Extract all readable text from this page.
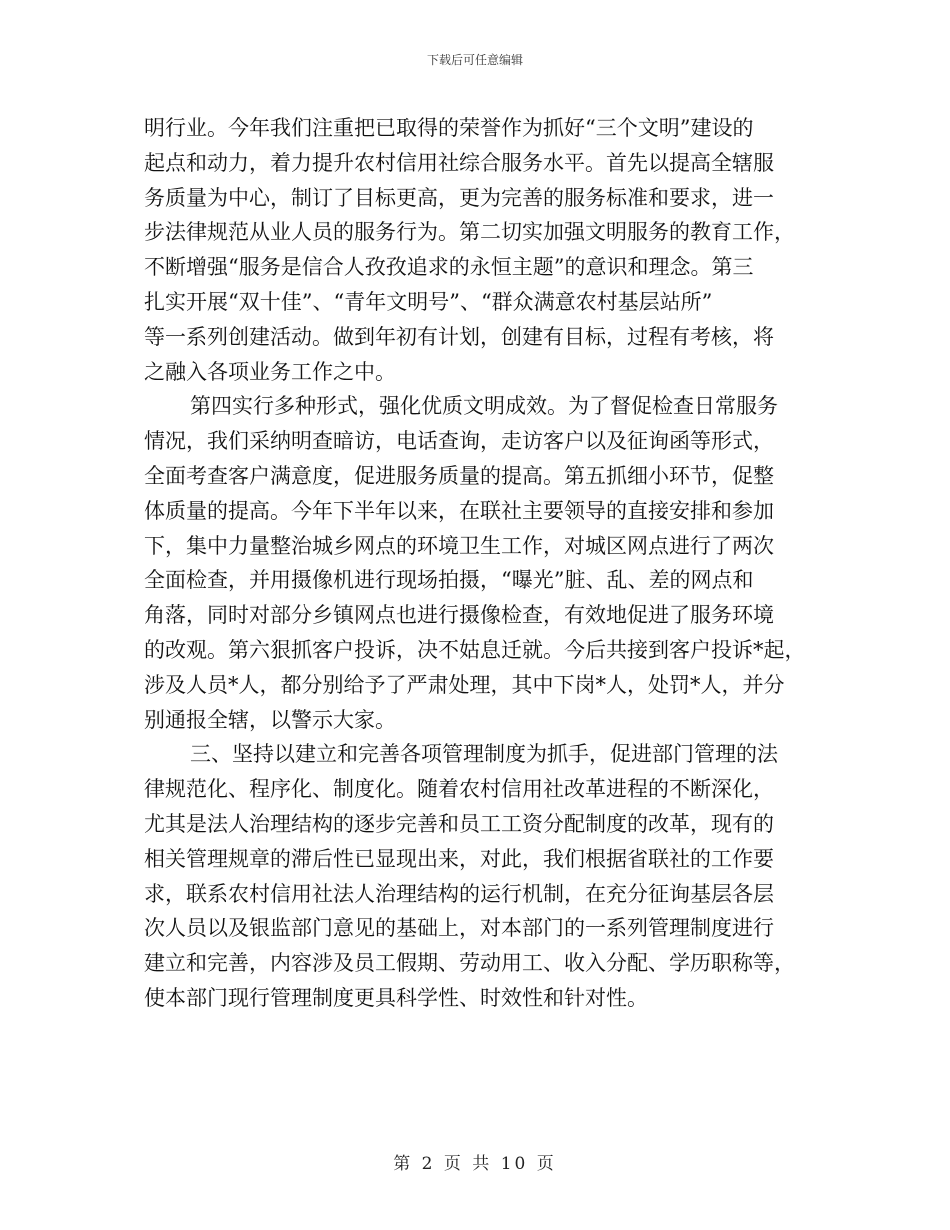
下载后可任意编辑
明行业。今年我们注重把已取得的荣誉作为抓好“三个文明”建设的
起点和动力，着力提升农村信用社综合服务水平。首先以提高全辖服
务质量为中心，制订了目标更高，更为完善的服务标准和要求，进一
步法律规范从业人员的服务行为。第二切实加强文明服务的教育工作，
不断增强“服务是信合人孜孜追求的永恒主题”的意识和理念。第三
扎实开展“双十佳”、“青年文明号”、“群众满意农村基层站所”
等一系列创建活动。做到年初有计划，创建有目标，过程有考核，将
之融入各项业务工作之中。
第四实行多种形式，强化优质文明成效。为了督促检查日常服务
情况，我们采纳明查暗访，电话查询，走访客户以及征询函等形式，
全面考查客户满意度，促进服务质量的提高。第五抓细小环节，促整
体质量的提高。今年下半年以来，在联社主要领导的直接安排和参加
下，集中力量整治城乡网点的环境卫生工作，对城区网点进行了两次
全面检查，并用摄像机进行现场拍摄，“曝光”脏、乱、差的网点和
角落，同时对部分乡镇网点也进行摄像检查，有效地促进了服务环境
的改观。第六狠抓客户投诉，决不姑息迁就。今后共接到客户投诉*起，
涉及人员*人，都分别给予了严肃处理，其中下岗*人，处罚*人，并分
别通报全辖，以警示大家。
三、坚持以建立和完善各项管理制度为抓手，促进部门管理的法
律规范化、程序化、制度化。随着农村信用社改革进程的不断深化，
尤其是法人治理结构的逐步完善和员工工资分配制度的改革，现有的
相关管理规章的滞后性已显现出来，对此，我们根据省联社的工作要
求，联系农村信用社法人治理结构的运行机制，在充分征询基层各层
次人员以及银监部门意见的基础上，对本部门的一系列管理制度进行
建立和完善，内容涉及员工假期、劳动用工、收入分配、学历职称等，
使本部门现行管理制度更具科学性、时效性和针对性。
第 2 页 共 10 页
